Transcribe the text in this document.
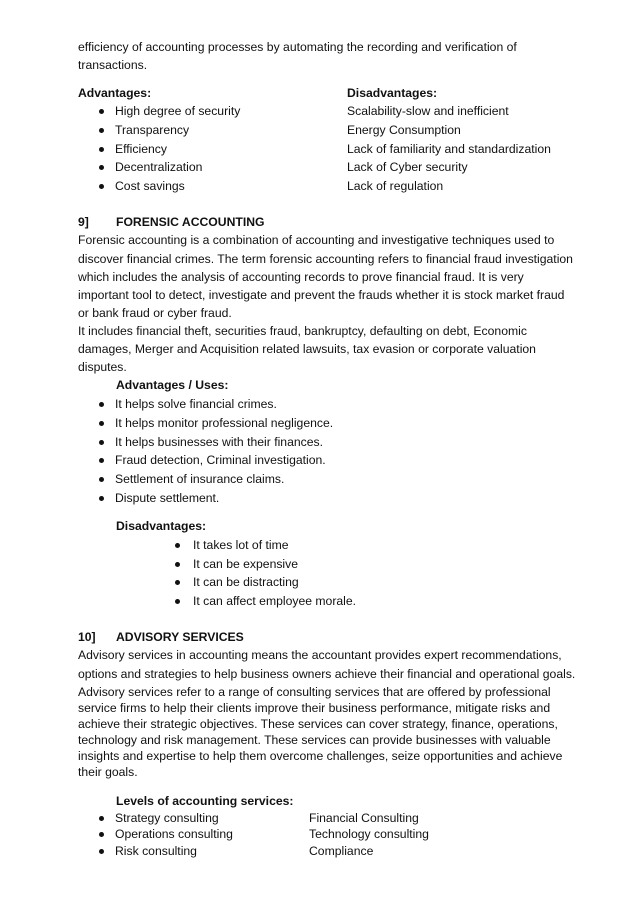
efficiency of accounting processes by automating the recording and verification of
transactions.
Advantages:	Disadvantages:
High degree of security
Transparency
Efficiency
Decentralization
Cost savings
Scalability-slow and inefficient
Energy Consumption
Lack of familiarity and standardization
Lack of Cyber security
Lack of regulation
9] FORENSIC ACCOUNTING
Forensic accounting is a combination of accounting and investigative techniques used to
discover financial crimes. The term forensic accounting refers to financial fraud investigation
which includes the analysis of accounting records to prove financial fraud. It is very
important tool to detect, investigate and prevent the frauds whether it is stock market fraud
or bank fraud or cyber fraud.
It includes financial theft, securities fraud, bankruptcy, defaulting on debt, Economic
damages, Merger and Acquisition related lawsuits, tax evasion or corporate valuation
disputes.
Advantages / Uses:
It helps solve financial crimes.
It helps monitor professional negligence.
It helps businesses with their finances.
Fraud detection, Criminal investigation.
Settlement of insurance claims.
Dispute settlement.
Disadvantages:
It takes lot of time
It can be expensive
It can be distracting
It can affect employee morale.
10] ADVISORY SERVICES
Advisory services in accounting means the accountant provides expert recommendations,
options and strategies to help business owners achieve their financial and operational goals.
Advisory services refer to a range of consulting services that are offered by professional
service firms to help their clients improve their business performance, mitigate risks and
achieve their strategic objectives. These services can cover strategy, finance, operations,
technology and risk management. These services can provide businesses with valuable
insights and expertise to help them overcome challenges, seize opportunities and achieve
their goals.
Levels of accounting services:
Strategy consulting
Operations consulting
Risk consulting
Financial Consulting
Technology consulting
Compliance
